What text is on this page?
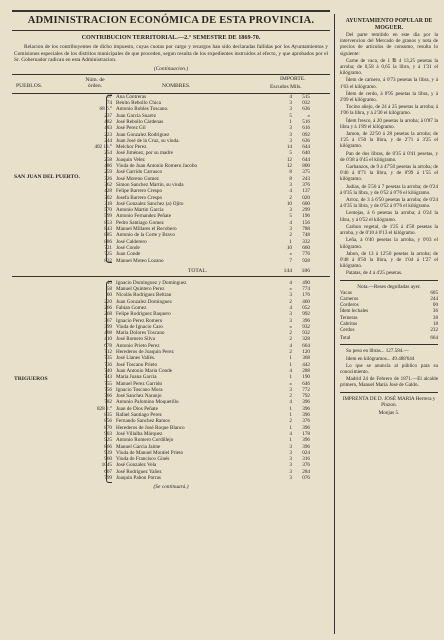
ADMINISTRACION ECONÓMICA DE ESTA PROVINCIA.
CONTRIBUCION TERRITORIAL.—2.° SEMESTRE DE 1869-70.
Relacion de los contribuyentes de dicho impuesto, cuyas cuotas por cargo y recargos han sido declaradas fallidas por los Ayuntamientos y Comisiones especiales de los distritos municipales de que proceden, segun resulta de los expedientes instruidos al efecto, y que aprobados por el Sr. Gobernador radican en esta Administracion.
(Continuacion.)
PUEBLOS.
Núm. de órden.	NOMBRES.
IMPORTE.
Escudos Mils.
SAN JUAN DEL PUERTO.
67 Ana Contreras	4	515
74 Benito Rebollo Chica	3	032
68 6.° Antonio Robles Toscano.	3	636
237 Juan Garcia Suarez	5	»
482 José Rebollo Cárdenas	1	516
483 José Perez Gil	3	616
223 Juan Gonzalez Rodriguez	3	092
244 Juan José de la Cruz, su viuda.	3	636
402 13.° Melchor Perez	14	644
254 José Jiménez, por su madre	5	640
258 Joaquin Velez	12	644
486 Viuda de Juan Antonio Romero Jacobo	12	800
259 José Garrido Carrasco	8	375
326 José Moreno Gomez	8	243
362 Simon Sanchez Martin, su viuda	3	376
428 Felipe Barrero Crespo	4	137
302 Josefa Barrero Crespo	2	020
318 José Gonzalez Sanchez (a) Ojito	10	600
570 Antonio Martin Garcia	3	299
599 Antonio Fernandez Peñate	5	196
853 Pedro Santiago Gomez	4	156
843 Manuel Millares el Recobero	3	788
885 Antonio de la Corte y Bravo	2	748
886 José Calderero	1	332
721 José Conde	10	660
725 Juan Conde	»	776
832 Manuel Moteo Lozano	7	928
TOTAL.	144	186
TRIGUEROS
46 Ignacio Dominguez y Dominguez	4	490
58 Manuel Quintero Perez	»	774
60 Nicolás Rodriguez Beltran	3	176
220 Juan Gonzalez Dominguez	2	460
266 Fabian Gomez	4	052
268 Felipe Rodriguez Baquero	3	992
367 Ignacio Perez Romero	3	396
399 Viuda de Ignacio Caro	»	932
408 Maria Dolores Toscano	2	932
410 José Romero Silva	2	328
678 Antonio Prieto Perez	4	664
712 Herederos de Joaquin Perez	2	120
735 José Llanes Vallés.	1	368
736 José Toscano Prieto	1	442
740 Juan Antonio Maria Conde	4	288
743 Maria Juana Garcia	1	190
755 Manuel Perez Garrido	»	646
756 Ignacio Toscano Mora	3	772
766 José Sanchez Naranjo	2	792
782 Antonio Palomino Moquetillo	4	396
828 2.° Juan de Dios Peñate	1	396
835 Rafael Santiago Perez	1	396
856 Fernando Sanchez Ramos	2	376
870 Herederos de José Roque Blanco	1	396
903 José Villalba Márquez	4	178
925 Antonio Romero Cordillejo	1	396
866 Manuel Garcia Jaime	3	396
939 Viuda de Manuel Montiel Prieto	3	024
960 Viuda de Francisco Ginés	3	316
1045 José Gonzalez Vela	3	376
607 José Rodriguez Yañez	3	284
799 Joaquin Pabon Porras	3	076
(Se continuará.)
AYUNTAMIENTO POPULAR DE MOGUER.

Del parte remitido en este dia por la intervencion del Mercado de granos y nota de precios de articulos de consumo, resulta lo siguiente:

Carne de vaca, de 1 ℔ 4 13,25 pesetas la arroba; de 0,58 á 0,65 la libra, y á 1'31 el kilógramo.

Ídem de carnero, á 0'73 pesetas la libra, y á 1'63 el kilógramo.

Ídem de cerdo, á 0'95 pesetas la libra, y á 2'09 el kilógramo.

Tocino añejo, de 24 á 25 pesetas la arroba; á 1'06 la libra, y á 2'30 el kilógramo.

Ídem fresco, á 20 pesetas la arroba; á 0'87 la libra y á 1'89 el kilógramo.

Jamon, de 22'50 á 28 pesetas la arroba; de 1'25 á 1'50 la libra, y de 2'71 á 3'25 el kilógramo.

Pan de dos libras, de 0'35 á 0'41 pesetas, y de 0'38 á 0'45 el kilógramo.

Garbanzos, de 9 á 47'50 pesetas la arroba; de 0'46 á 0'71 la libra, y de 0'99 á 1'55 el kilógramo.

Judías, de 5'50 á 7 pesetas la arroba; de 0'24 á 0'35 la libra, y de 0'52 á 0'76 el kilógramo.

Arroz, de 3 á 6'50 pesetas la arroba; de 0'24 á 0'35 la libra, y de 0'52 á 0'76 el kilógramo.

Lentejas, á 6 pesetas la arroba; á 0'24 la libra, y á 0'52 el kilógramo.

Carbon vegetal, de 1'25 á 4'50 pesetas la arroba, y de 0'10 á 0'13 el kilógramo.

Leña, á 0'40 pesetas la arroba, y 0'03 el kilógramo.

Jabon, de 13 á 12'50 pesetas la arroba; de 0'48 á 0'50 la libra, y de 1'04 á 1'27 el kilógramo.

Patatas, de 4 á 4'25 pesetas.

Nota.—Reses degolladas ayer.
Vacas	605
Carneros	244
Corderos	00
Ídem lechales	36
Terneras	38
Cabritos	18
Cerdos	232
Total	664

Su peso en libras... 127.584.—

Idem en kilógramos... 49.488'644

Lo que se anuncia al público para su conocimiento.

Madrid 24 de Febrero de 1871.—El alcalde primero, Manuel María José de Galdo.

IMPRENTA DE D. JOSÉ MARIA Herrera y Pinzon.
Monjas 5.
